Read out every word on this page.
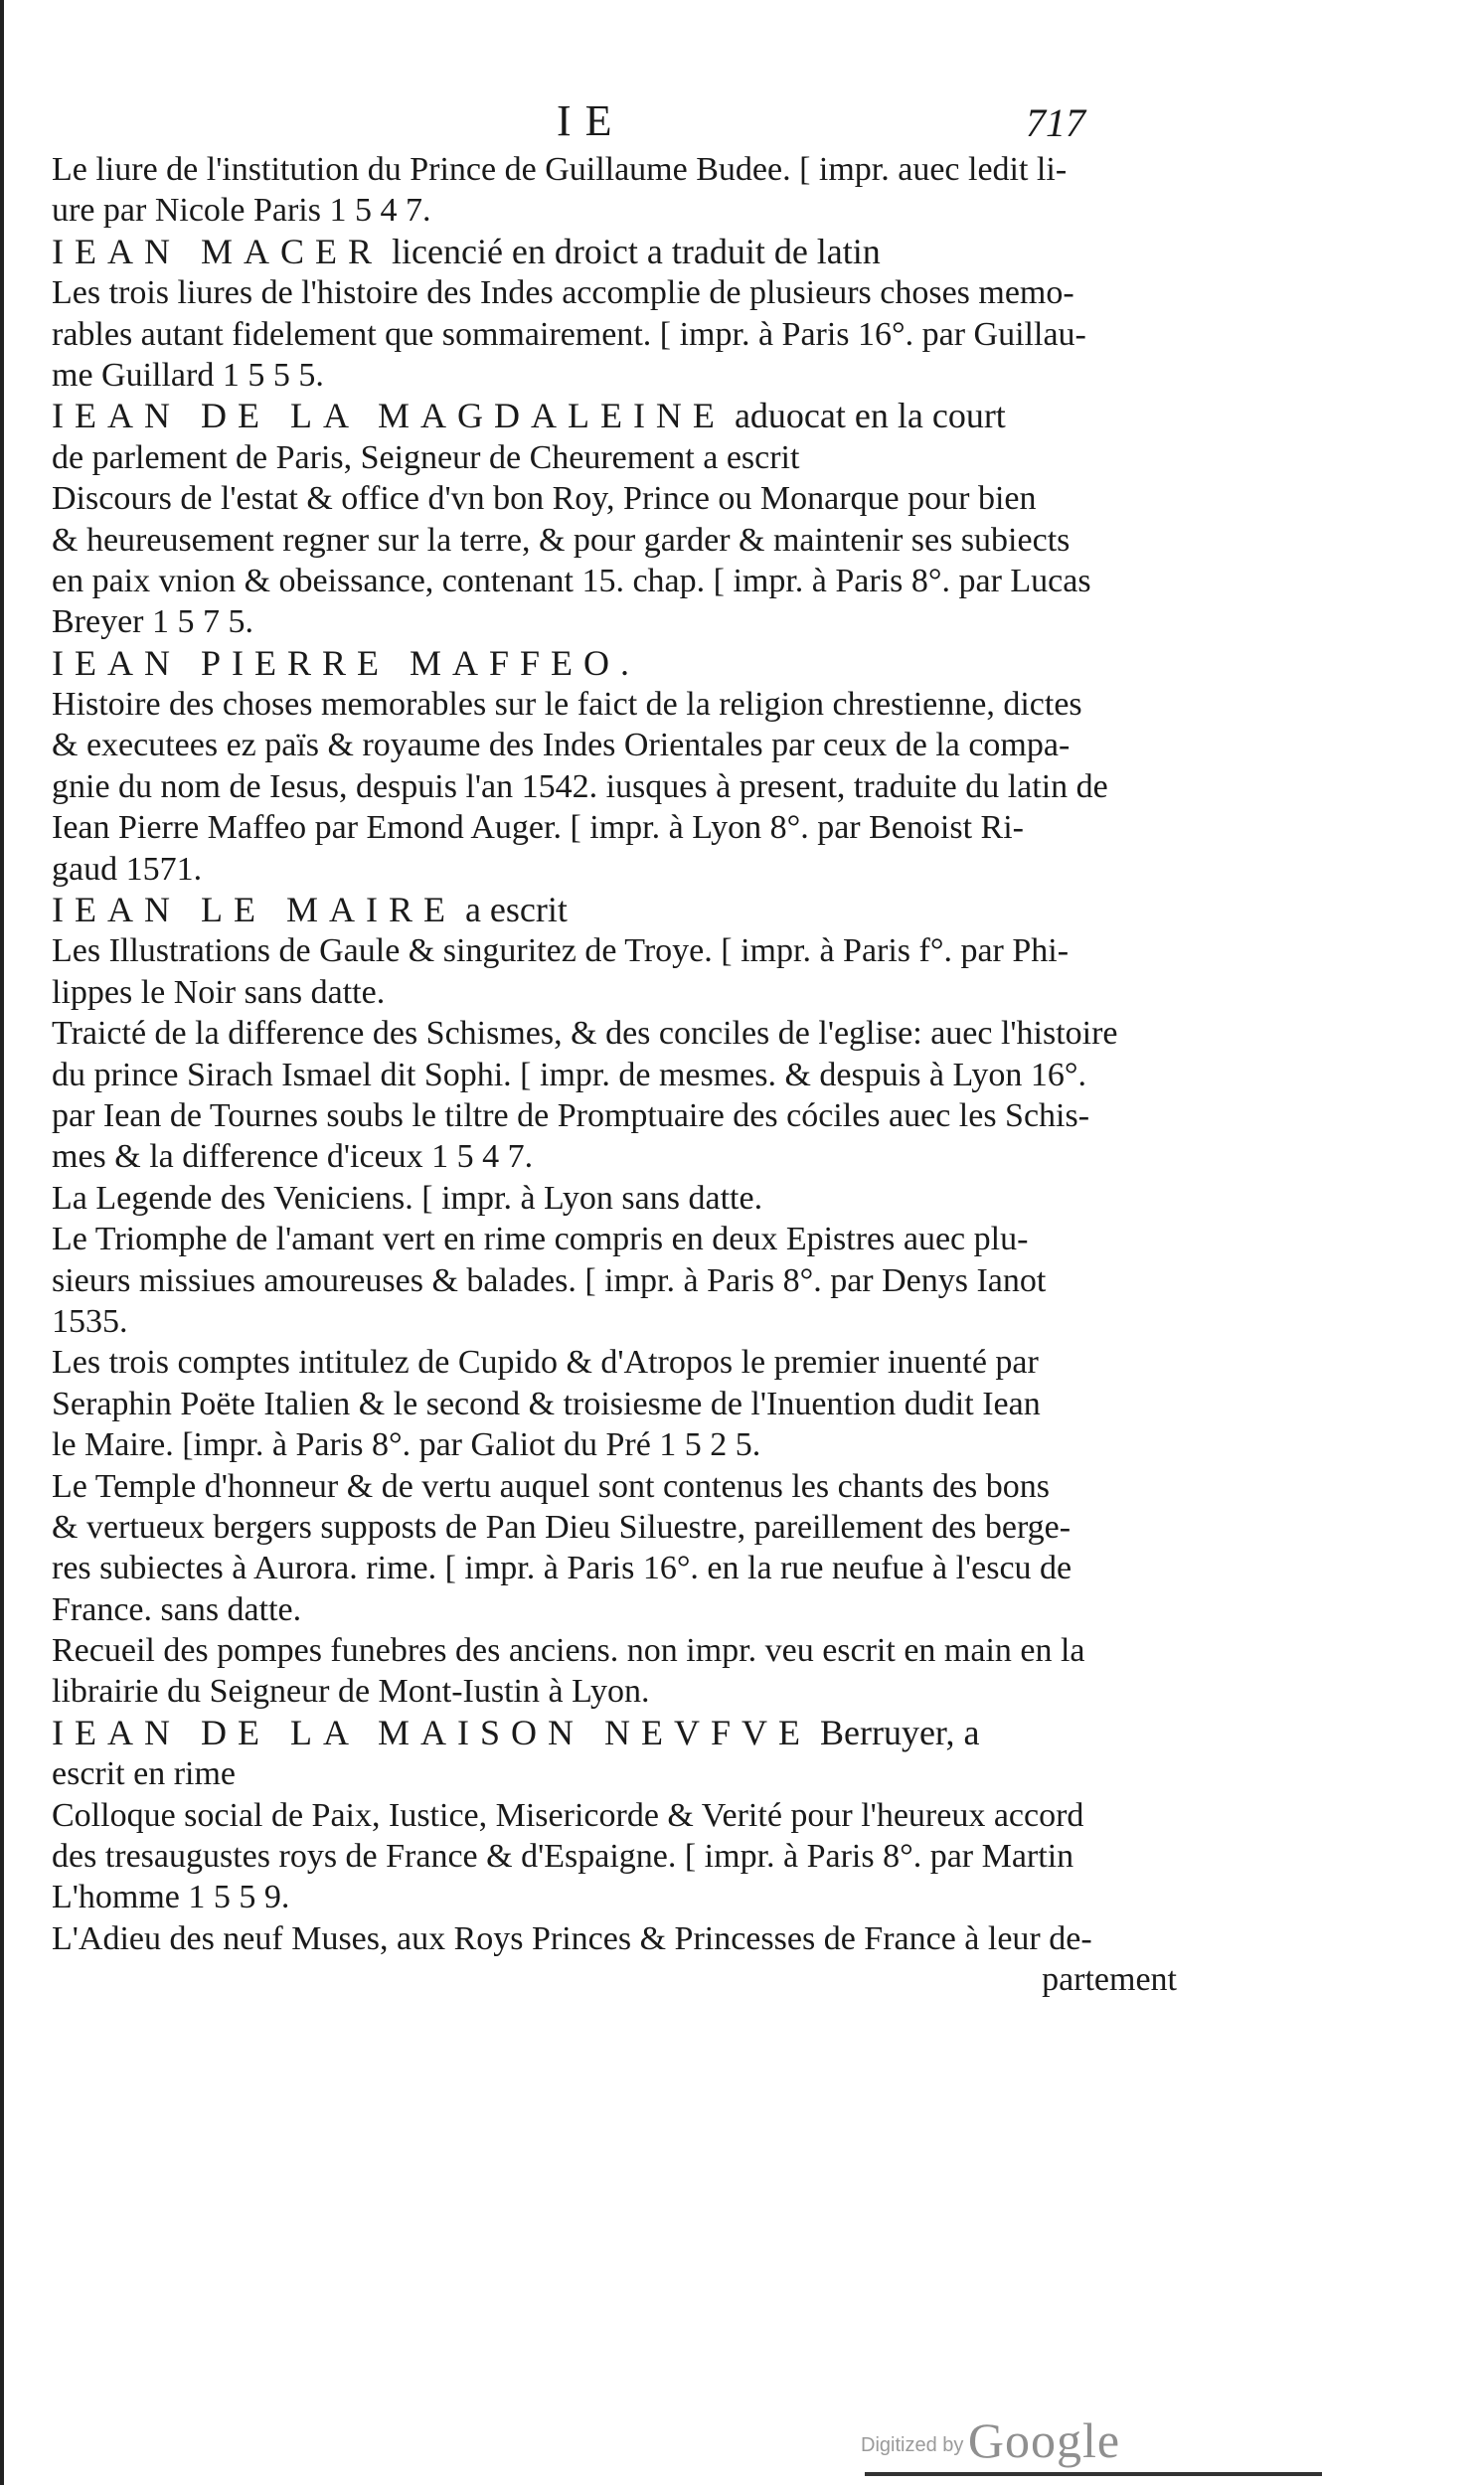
IE	717
Le liure de l'institution du Prince de Guillaume Budee. [ impr. auec ledit li-
ure par Nicole Paris 1 5 4 7.
IEAN MACER licencié en droict a traduit de latin
Les trois liures de l'histoire des Indes accomplie de plusieurs choses memo-
rables autant fidelement que sommairement. [ impr. à Paris 16°. par Guillau-
me Guillard 1 5 5 5.
IEAN DE LA MAGDALEINE aduocat en la court
de parlement de Paris, Seigneur de Cheurement a escrit
Discours de l'estat & office d'vn bon Roy, Prince ou Monarque pour bien
& heureusement regner sur la terre, & pour garder & maintenir ses subiects
en paix vnion & obeissance, contenant 15. chap. [ impr. à Paris 8°. par Lucas
Breyer 1 5 7 5.
IEAN PIERRE MAFFEO.
Histoire des choses memorables sur le faict de la religion chrestienne, dictes
& executees ez païs & royaume des Indes Orientales par ceux de la compa-
gnie du nom de Iesus, despuis l'an 1542. iusques à present, traduite du latin de
Iean Pierre Maffeo par Emond Auger. [ impr. à Lyon 8°. par Benoist Ri-
gaud 1571.
IEAN LE MAIRE a escrit
Les Illustrations de Gaule & singuritez de Troye. [ impr. à Paris f°. par Phi-
lippes le Noir sans datte.
Traicté de la difference des Schismes, & des conciles de l'eglise: auec l'histoire
du prince Sirach Ismael dit Sophi. [ impr. de mesmes. & despuis à Lyon 16°.
par Iean de Tournes soubs le tiltre de Promptuaire des cóciles auec les Schis-
mes & la difference d'iceux 1 5 4 7.
La Legende des Veniciens. [ impr. à Lyon sans datte.
Le Triomphe de l'amant vert en rime compris en deux Epistres auec plu-
sieurs missiues amoureuses & balades. [ impr. à Paris 8°. par Denys Ianot
1535.
Les trois comptes intitulez de Cupido & d'Atropos le premier inuenté par
Seraphin Poëte Italien & le second & troisiesme de l'Inuention dudit Iean
le Maire. [impr. à Paris 8°. par Galiot du Pré 1 5 2 5.
Le Temple d'honneur & de vertu auquel sont contenus les chants des bons
& vertueux bergers supposts de Pan Dieu Siluestre, pareillement des berge-
res subiectes à Aurora. rime. [ impr. à Paris 16°. en la rue neufue à l'escu de
France. sans datte.
Recueil des pompes funebres des anciens. non impr. veu escrit en main en la
librairie du Seigneur de Mont-Iustin à Lyon.
IEAN DE LA MAISON NEVFVE Berruyer, a
escrit en rime
Colloque social de Paix, Iustice, Misericorde & Verité pour l'heureux accord
des tresaugustes roys de France & d'Espaigne. [ impr. à Paris 8°. par Martin
L'homme 1 5 5 9.
L'Adieu des neuf Muses, aux Roys Princes & Princesses de France à leur de-
partement
Digitized by Google
